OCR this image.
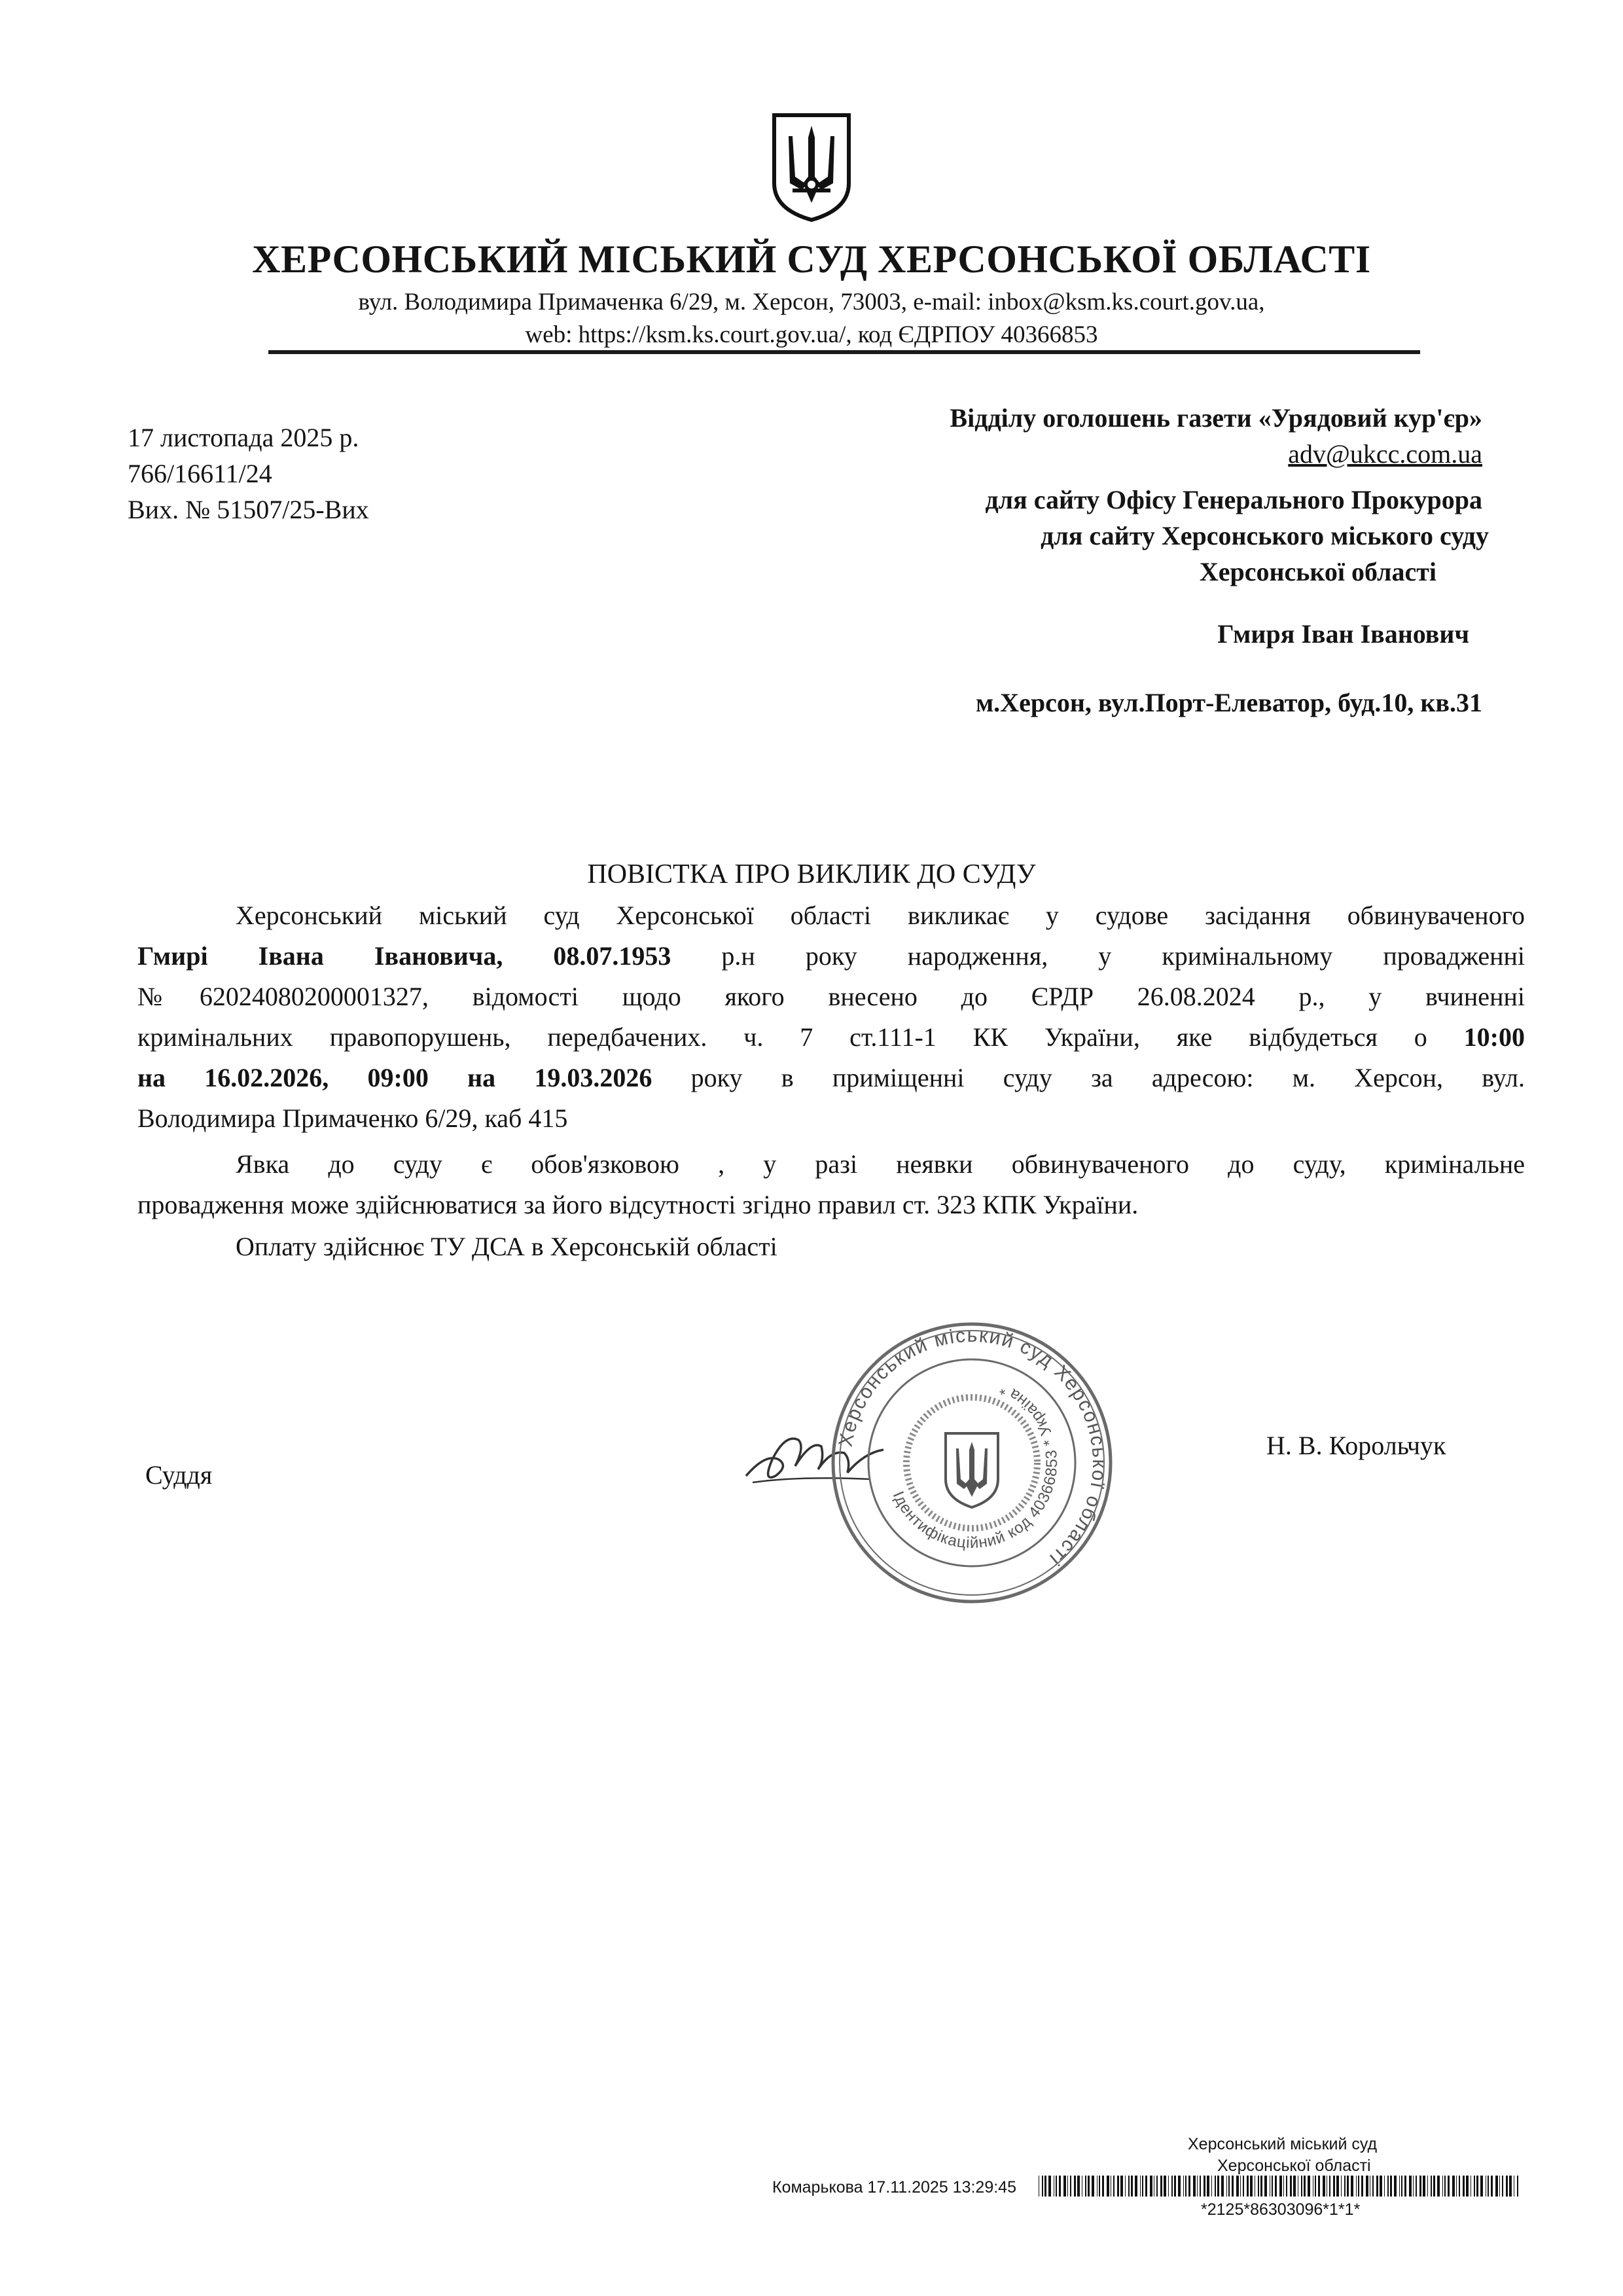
ХЕРСОНСЬКИЙ МІСЬКИЙ СУД ХЕРСОНСЬКОЇ ОБЛАСТІ
вул. Володимира Примаченка 6/29, м. Херсон, 73003, e-mail: inbox@ksm.ks.court.gov.ua,
web: https://ksm.ks.court.gov.ua/, код ЄДРПОУ 40366853
17 листопада 2025 р.
766/16611/24
Вих. № 51507/25-Вих
Відділу оголошень газети «Урядовий кур'єр»
adv@ukcc.com.ua
для сайту Офісу Генерального Прокурора
для сайту Херсонського міського суду
Херсонської області
Гмиря Іван Іванович
м.Херсон, вул.Порт-Елеватор, буд.10, кв.31
ПОВІСТКА ПРО ВИКЛИК ДО СУДУ
Херсонський міський суд Херсонської області викликає у судове засідання обвинуваченого
Гмирі Івана Івановича, 08.07.1953 р.н року народження, у кримінальному провадженні
№62024080200001327, відомості щодо якого внесено до ЄРДР 26.08.2024 р., у вчиненні
кримінальних правопорушень, передбачених. ч. 7 ст.111-1 КК України, яке відбудеться о 10:00
на 16.02.2026, 09:00 на 19.03.2026 року в приміщенні суду за адресою: м. Херсон, вул.
Володимира Примаченко 6/29, каб 415
Явка до суду є обов'язковою , у разі неявки обвинуваченого до суду, кримінальне
провадження може здійснюватися за його відсутності згідно правил ст. 323 КПК України.
Оплату здійснює ТУ ДСА в Херсонській області
Суддя
Н. В. Корольчук
Херсонський міський суд Херсонської області
Ідентифікаційний код 40366853 * Україна *
Херсонський міський суд
Херсонської області
Комарькова 17.11.2025 13:29:45
*2125*86303096*1*1*
